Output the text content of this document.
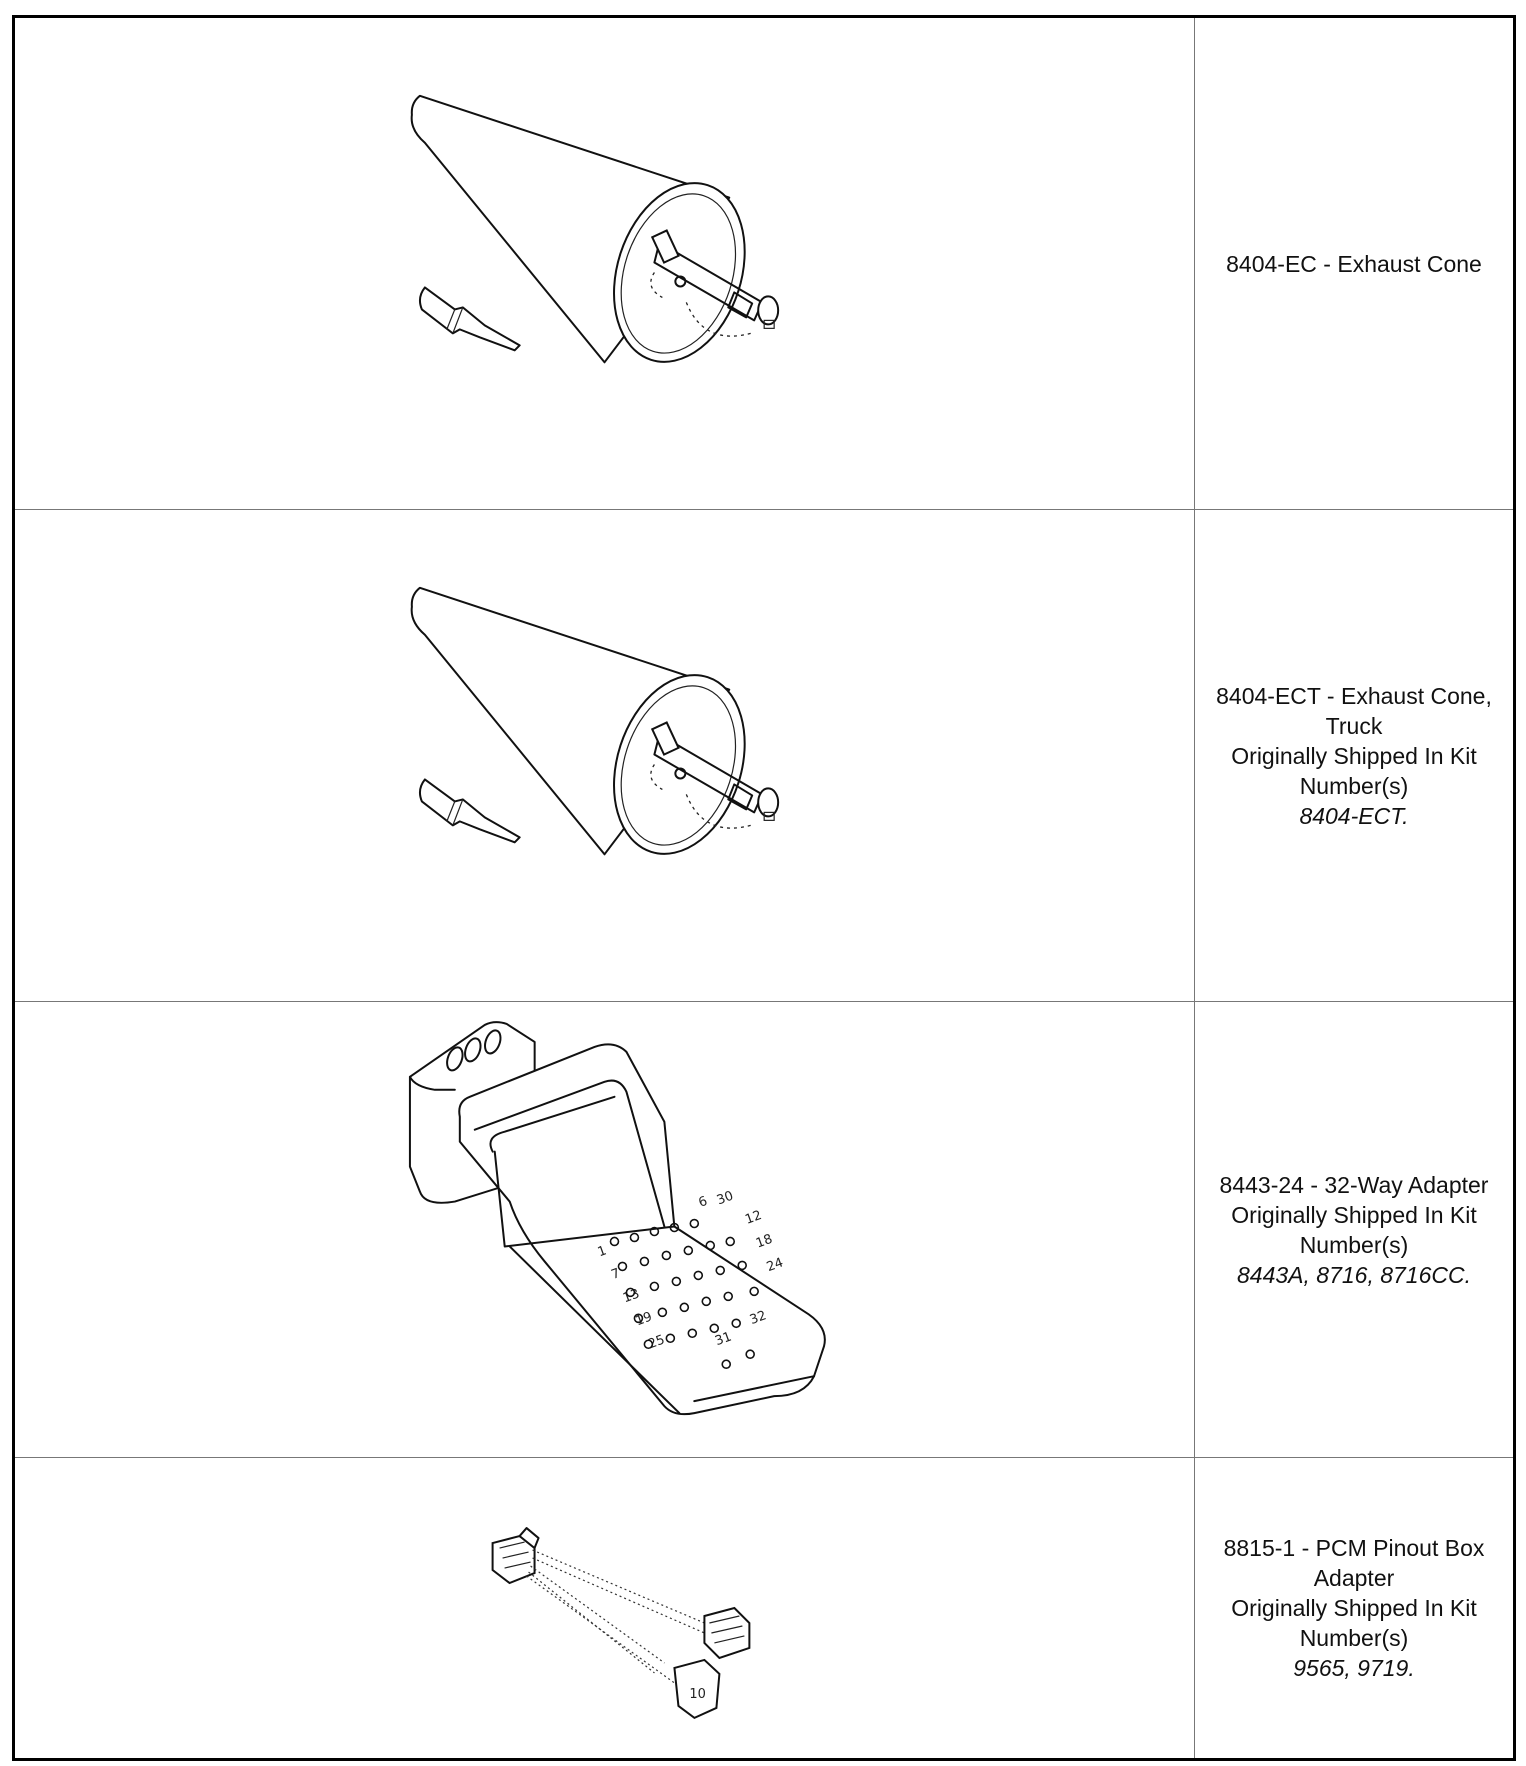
8404-EC - Exhaust Cone
8404-ECT - Exhaust Cone, Truck
Originally Shipped In Kit Number(s)
8404-ECT.
1
7
13
19
25	31
32
12
18
24
30
6
8443-24 - 32-Way Adapter
Originally Shipped In Kit Number(s)
8443A, 8716, 8716CC.
10
8815-1 - PCM Pinout Box Adapter
Originally Shipped In Kit Number(s)
9565, 9719.
